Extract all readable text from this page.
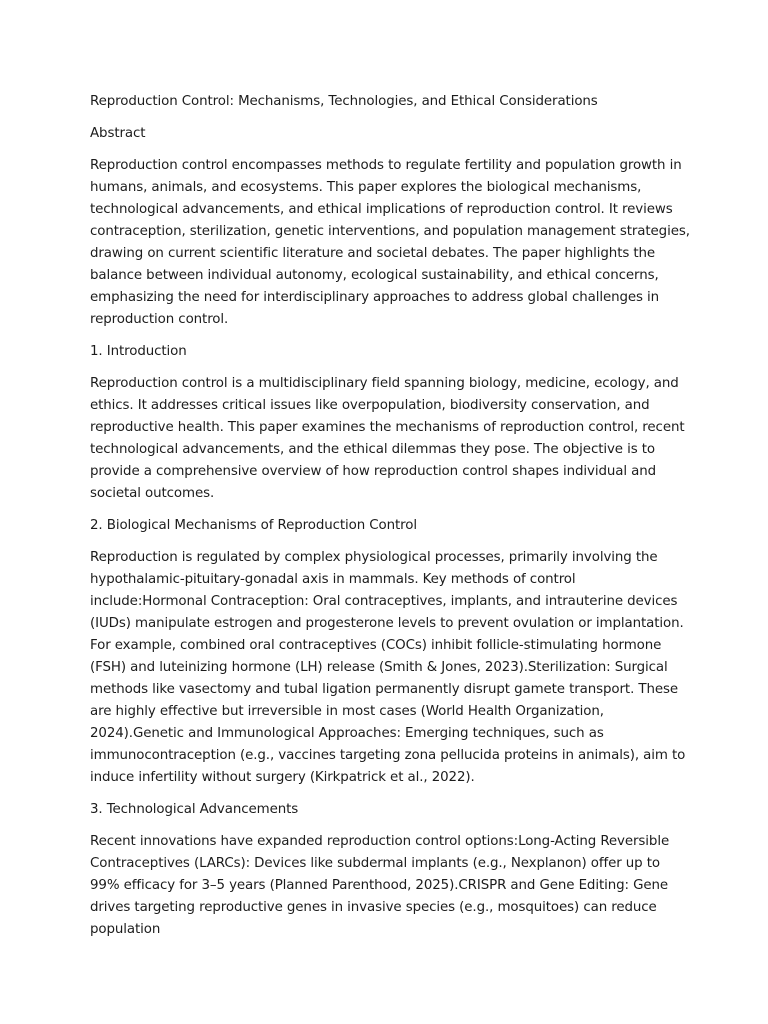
Reproduction Control: Mechanisms, Technologies, and Ethical Considerations

Abstract

Reproduction control encompasses methods to regulate fertility and population growth in humans, animals, and ecosystems. This paper explores the biological mechanisms, technological advancements, and ethical implications of reproduction control. It reviews contraception, sterilization, genetic interventions, and population management strategies, drawing on current scientific literature and societal debates. The paper highlights the balance between individual autonomy, ecological sustainability, and ethical concerns, emphasizing the need for interdisciplinary approaches to address global challenges in reproduction control.

1. Introduction

Reproduction control is a multidisciplinary field spanning biology, medicine, ecology, and ethics. It addresses critical issues like overpopulation, biodiversity conservation, and reproductive health. This paper examines the mechanisms of reproduction control, recent technological advancements, and the ethical dilemmas they pose. The objective is to provide a comprehensive overview of how reproduction control shapes individual and societal outcomes.

2. Biological Mechanisms of Reproduction Control

Reproduction is regulated by complex physiological processes, primarily involving the hypothalamic-pituitary-gonadal axis in mammals. Key methods of control include:Hormonal Contraception: Oral contraceptives, implants, and intrauterine devices (IUDs) manipulate estrogen and progesterone levels to prevent ovulation or implantation. For example, combined oral contraceptives (COCs) inhibit follicle-stimulating hormone (FSH) and luteinizing hormone (LH) release (Smith & Jones, 2023).Sterilization: Surgical methods like vasectomy and tubal ligation permanently disrupt gamete transport. These are highly effective but irreversible in most cases (World Health Organization, 2024).Genetic and Immunological Approaches: Emerging techniques, such as immunocontraception (e.g., vaccines targeting zona pellucida proteins in animals), aim to induce infertility without surgery (Kirkpatrick et al., 2022).

3. Technological Advancements

Recent innovations have expanded reproduction control options:Long-Acting Reversible Contraceptives (LARCs): Devices like subdermal implants (e.g., Nexplanon) offer up to 99% efficacy for 3–5 years (Planned Parenthood, 2025).CRISPR and Gene Editing: Gene drives targeting reproductive genes in invasive species (e.g., mosquitoes) can reduce population
